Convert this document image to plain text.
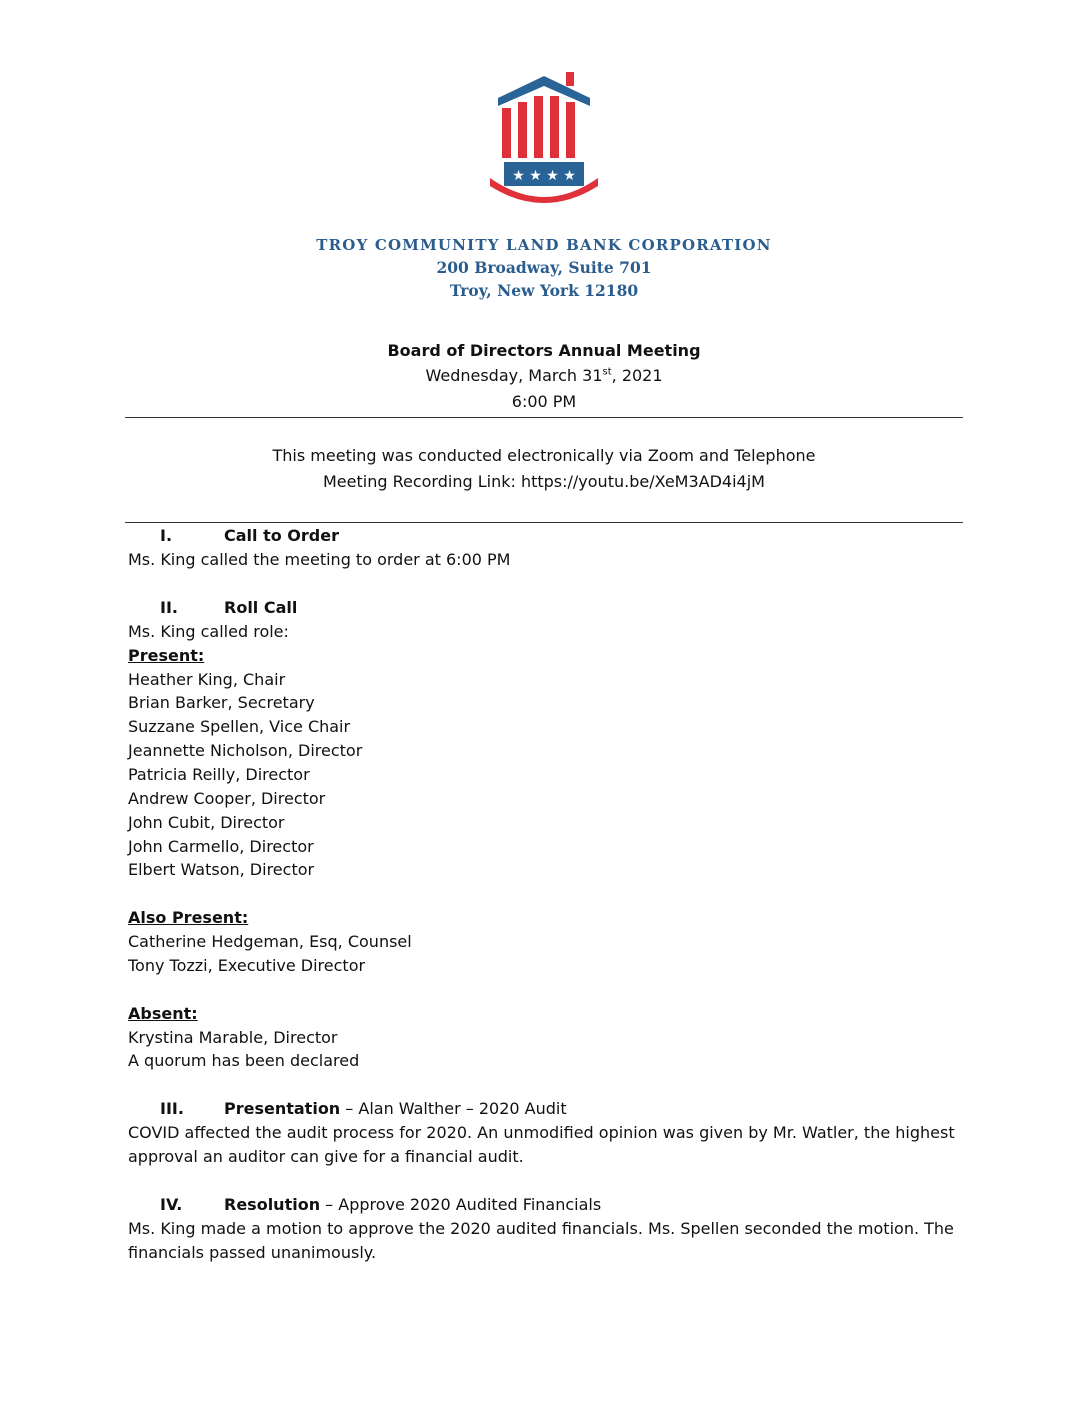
★ ★ ★ ★
TROY COMMUNITY LAND BANK CORPORATION
200 Broadway, Suite 701
Troy, New York 12180
Board of Directors Annual Meeting
Wednesday, March 31st, 2021
6:00 PM
This meeting was conducted electronically via Zoom and Telephone
Meeting Recording Link: https://youtu.be/XeM3AD4i4jM
I.	Call to Order
Ms. King called the meeting to order at 6:00 PM
II.	Roll Call
Ms. King called role:
Present:
Heather King, Chair
Brian Barker, Secretary
Suzzane Spellen, Vice Chair
Jeannette Nicholson, Director
Patricia Reilly, Director
Andrew Cooper, Director
John Cubit, Director
John Carmello, Director
Elbert Watson, Director
Also Present:
Catherine Hedgeman, Esq, Counsel
Tony Tozzi, Executive Director
Absent:
Krystina Marable, Director
A quorum has been declared
III.	Presentation – Alan Walther – 2020 Audit
COVID affected the audit process for 2020. An unmodified opinion was given by Mr. Watler, the highest
approval an auditor can give for a financial audit.
IV.	Resolution – Approve 2020 Audited Financials
Ms. King made a motion to approve the 2020 audited financials. Ms. Spellen seconded the motion. The
financials passed unanimously.
